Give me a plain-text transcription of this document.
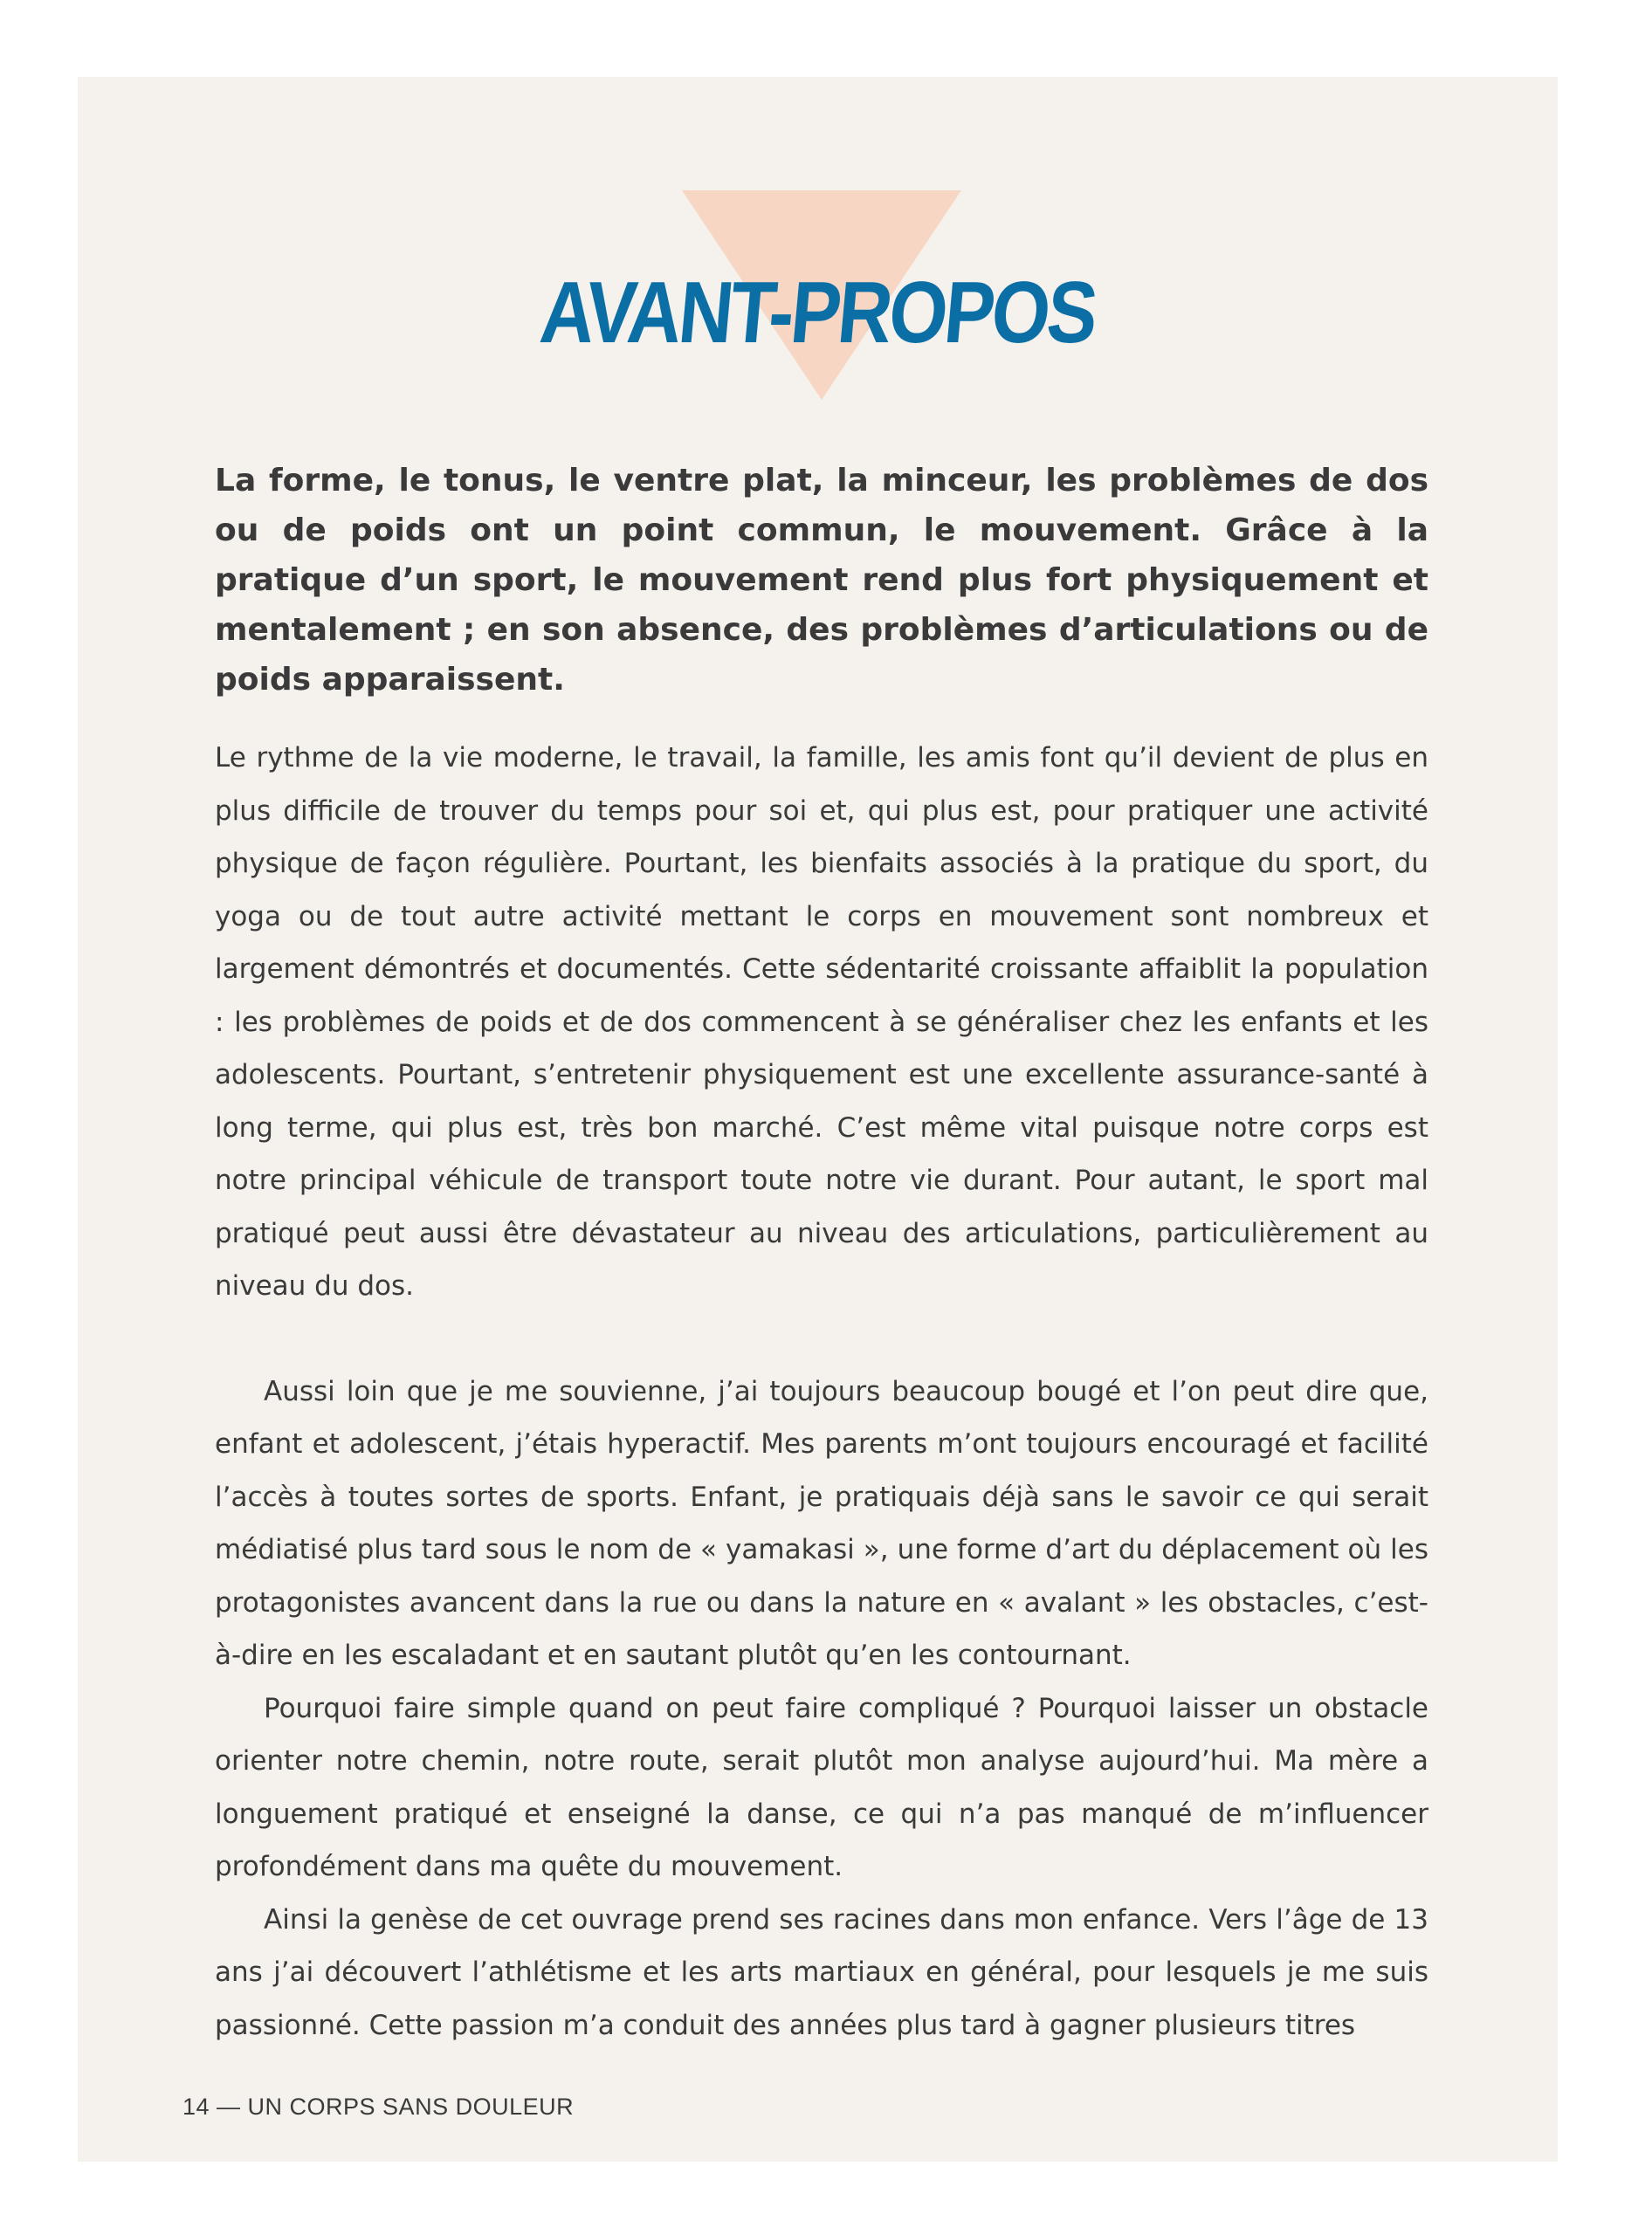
AVANT-PROPOS

La forme, le tonus, le ventre plat, la minceur, les problèmes de dos ou de poids ont un point commun, le mouvement. Grâce à la pratique d’un sport, le mouvement rend plus fort physiquement et mentalement ; en son absence, des problèmes d’articulations ou de poids apparaissent.

Le rythme de la vie moderne, le travail, la famille, les amis font qu’il devient de plus en plus difficile de trouver du temps pour soi et, qui plus est, pour pratiquer une activité physique de façon régulière. Pourtant, les bienfaits associés à la pratique du sport, du yoga ou de tout autre activité mettant le corps en mouvement sont nombreux et largement démontrés et documentés. Cette sédentarité croissante affaiblit la population : les problèmes de poids et de dos commencent à se généraliser chez les enfants et les adolescents. Pourtant, s’entretenir physiquement est une excellente assurance-santé à long terme, qui plus est, très bon marché. C’est même vital puisque notre corps est notre principal véhicule de transport toute notre vie durant. Pour autant, le sport mal pratiqué peut aussi être dévastateur au niveau des articulations, particulièrement au niveau du dos.

Aussi loin que je me souvienne, j’ai toujours beaucoup bougé et l’on peut dire que, enfant et adolescent, j’étais hyperactif. Mes parents m’ont toujours encouragé et facilité l’accès à toutes sortes de sports. Enfant, je pratiquais déjà sans le savoir ce qui serait médiatisé plus tard sous le nom de « yamakasi », une forme d’art du déplacement où les protagonistes avancent dans la rue ou dans la nature en « avalant » les obstacles, c’est-à-dire en les escaladant et en sautant plutôt qu’en les contournant.

Pourquoi faire simple quand on peut faire compliqué ? Pourquoi laisser un obstacle orienter notre chemin, notre route, serait plutôt mon analyse aujourd’hui. Ma mère a longuement pratiqué et enseigné la danse, ce qui n’a pas manqué de m’influencer profondément dans ma quête du mouvement.

Ainsi la genèse de cet ouvrage prend ses racines dans mon enfance. Vers l’âge de 13 ans j’ai découvert l’athlétisme et les arts martiaux en général, pour lesquels je me suis passionné. Cette passion m’a conduit des années plus tard à gagner plusieurs titres

14 — UN CORPS SANS DOULEUR
